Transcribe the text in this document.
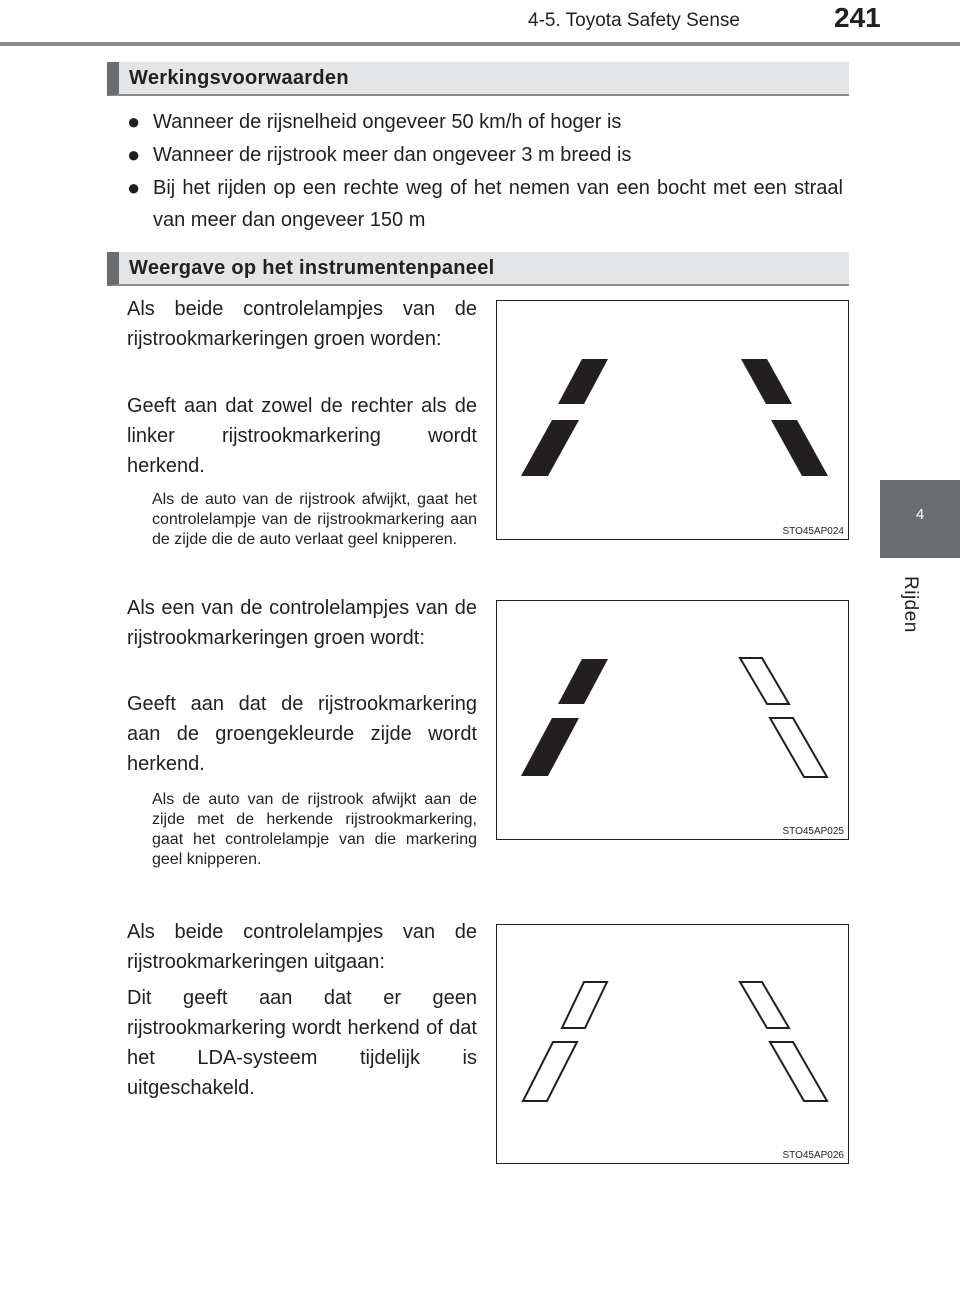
4-5. Toyota Safety Sense	241
4
Rijden
Werkingsvoorwaarden
● Wanneer de rijsnelheid ongeveer 50 km/h of hoger is
● Wanneer de rijstrook meer dan ongeveer 3 m breed is
● Bij het rijden op een rechte weg of het nemen van een bocht met een straal van meer dan ongeveer 150 m
Weergave op het instrumentenpaneel
Als beide controlelampjes van de rijstrookmarkeringen groen worden:
Geeft aan dat zowel de rechter als de linker rijstrookmarkering wordt herkend.
Als de auto van de rijstrook afwijkt, gaat het controlelampje van de rijstrookmarkering aan de zijde die de auto verlaat geel knipperen.	STO45AP024
Als een van de controlelampjes van de rijstrookmarkeringen groen wordt:
Geeft aan dat de rijstrookmarkering aan de groengekleurde zijde wordt herkend.
Als de auto van de rijstrook afwijkt aan de zijde met de herkende rijstrookmarkering, gaat het controlelampje van die markering geel knipperen.
STO45AP025
Als beide controlelampjes van de rijstrookmarkeringen uitgaan:
Dit geeft aan dat er geen rijstrookmarkering wordt herkend of dat het LDA-systeem tijdelijk is uitgeschakeld.
STO45AP026
